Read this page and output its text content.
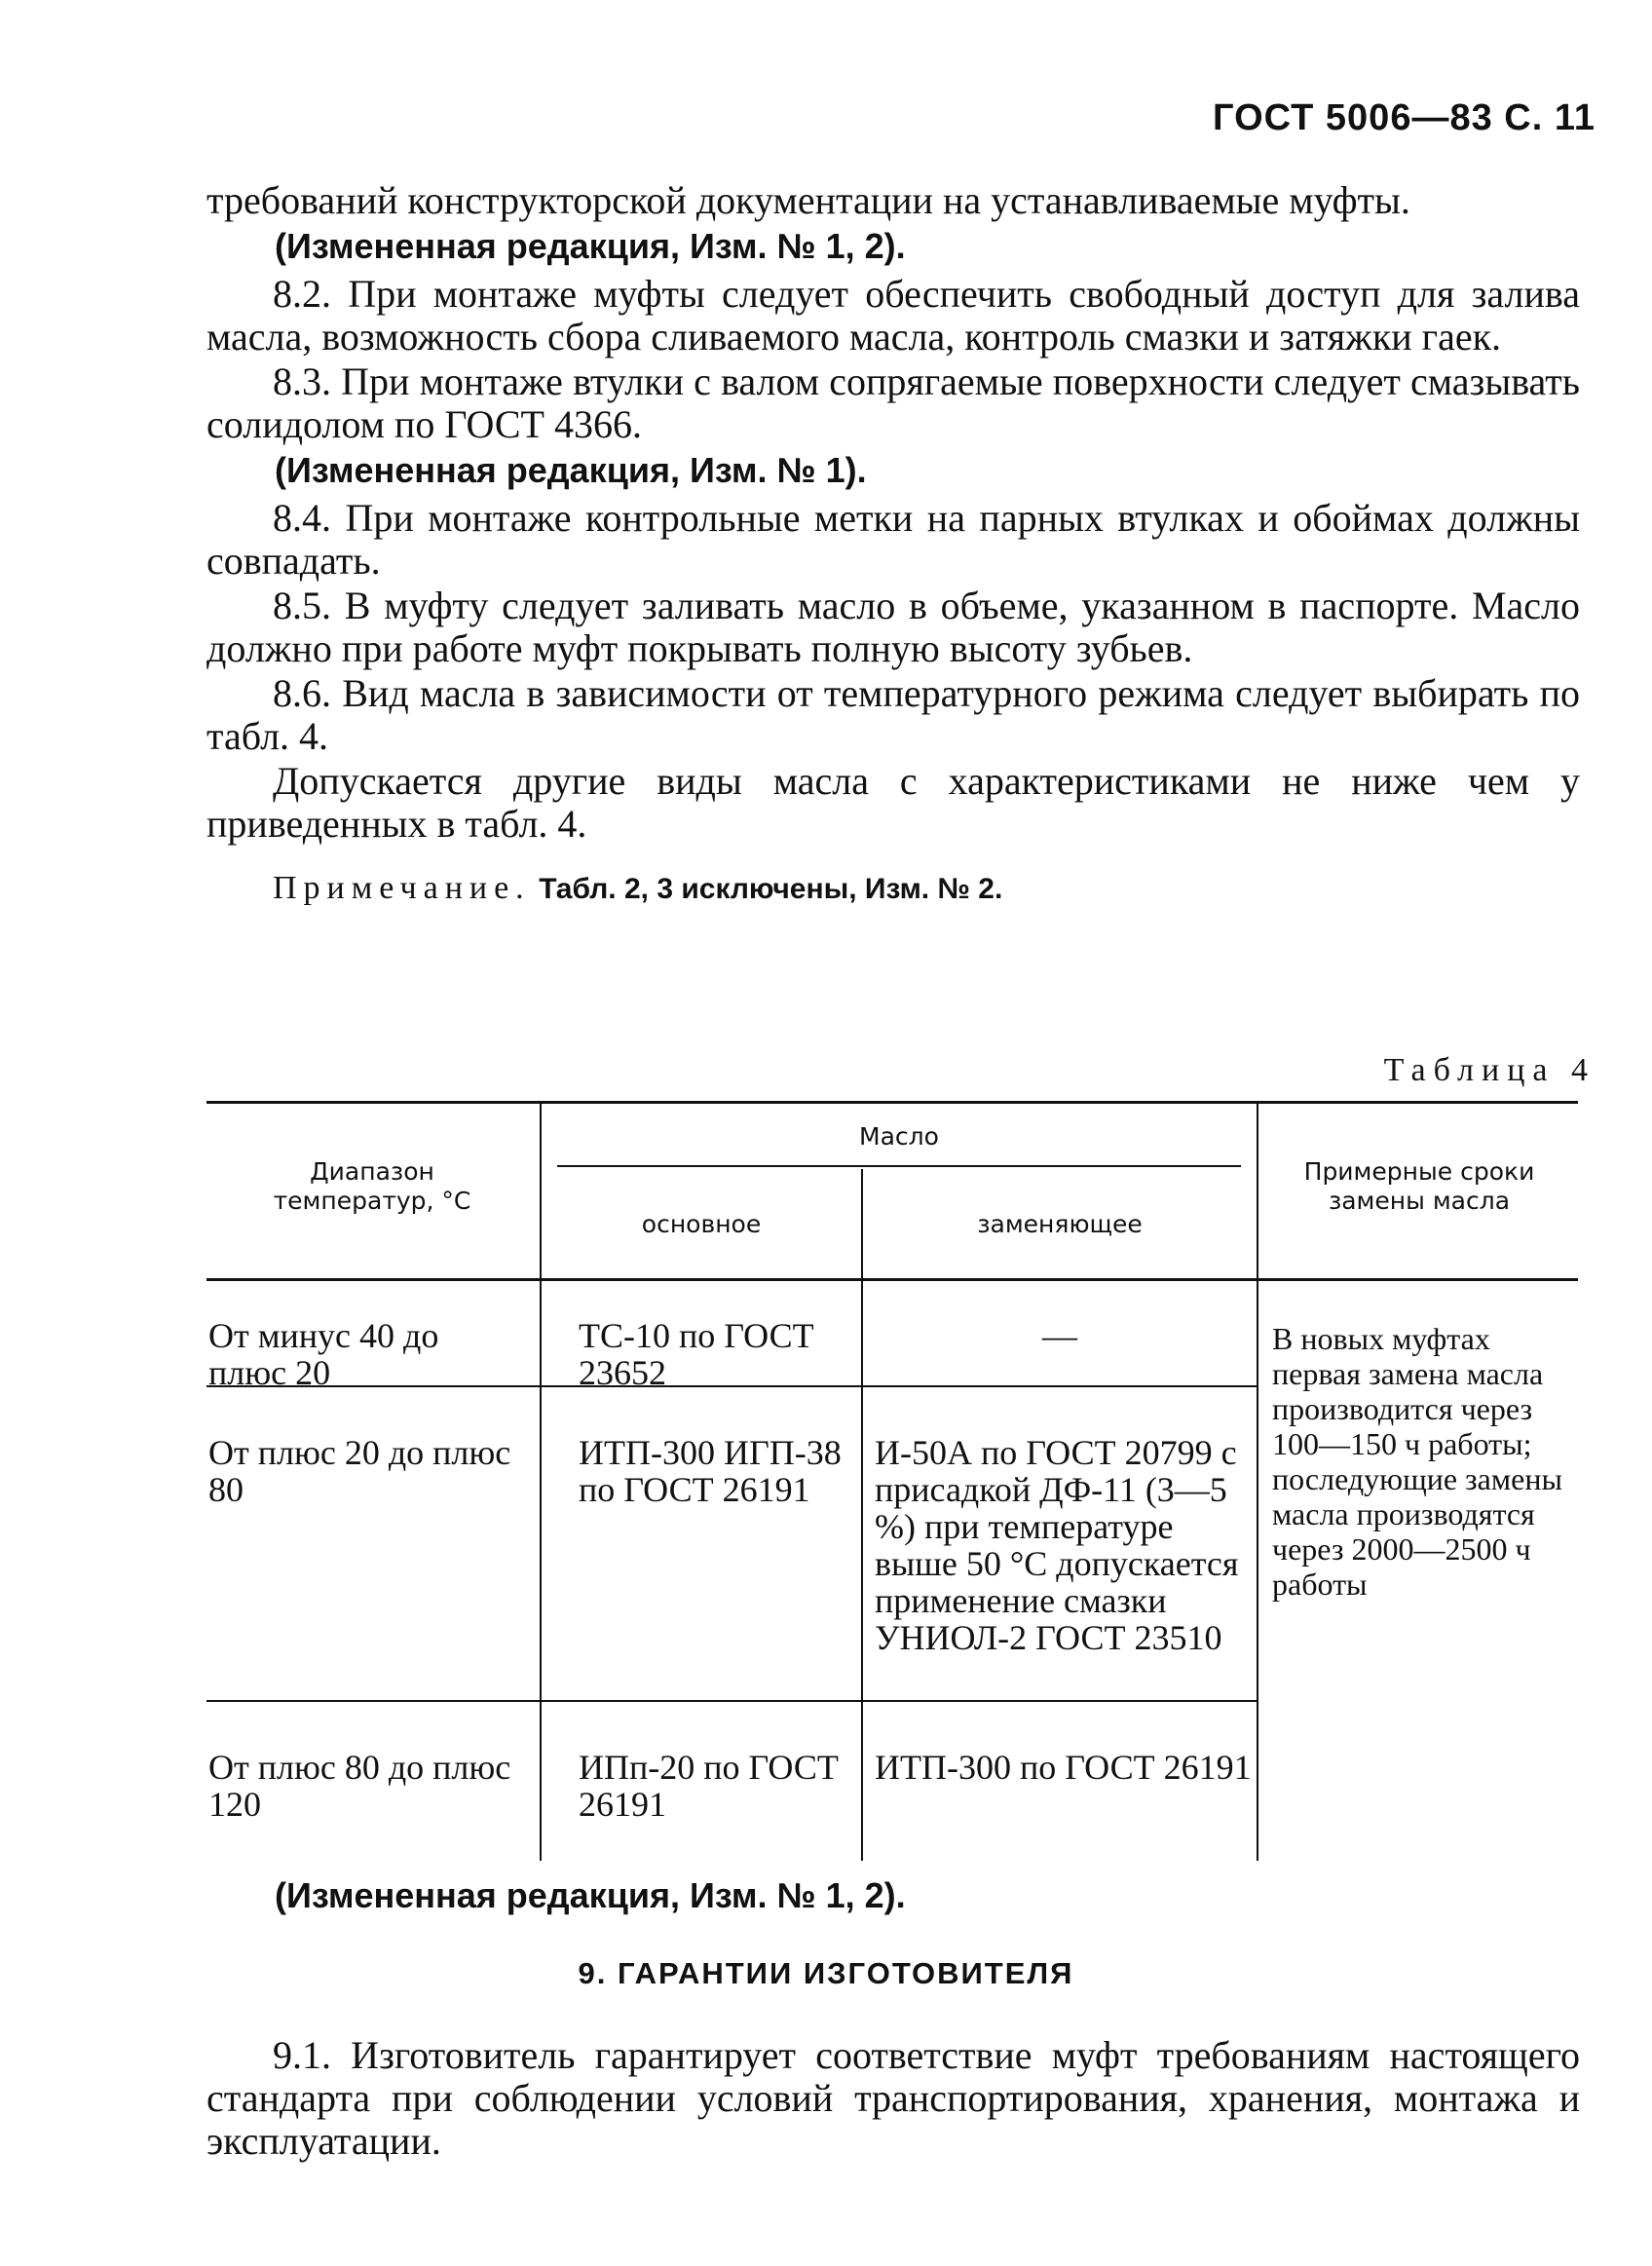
ГОСТ 5006—83 С. 11

требований конструкторской документации на устанавливаемые муфты.

(Измененная редакция, Изм. № 1, 2).

8.2. При монтаже муфты следует обеспечить свободный доступ для залива масла, возможность сбора сливаемого масла, контроль смазки и затяжки гаек.

8.3. При монтаже втулки с валом сопрягаемые поверхности следует смазывать солидолом по ГОСТ 4366.

(Измененная редакция, Изм. № 1).

8.4. При монтаже контрольные метки на парных втулках и обоймах должны совпадать.

8.5. В муфту следует заливать масло в объеме, указанном в паспорте. Масло должно при работе муфт покрывать полную высоту зубьев.

8.6. Вид масла в зависимости от температурного режима следует выбирать по табл. 4.

Допускается другие виды масла с характеристиками не ниже чем у приведенных в табл. 4.

Примечание. Табл. 2, 3 исключены, Изм. № 2.
Таблица 4
Диапазон температур, °С
Масло
основное	заменяющее
Примерные сроки замены масла
От минус 40 до плюс 20
ТС-10 по ГОСТ 23652
—
От плюс 20 до плюс 80
ИТП-300 ИГП-38 по ГОСТ 26191
И-50А по ГОСТ 20799 с присадкой ДФ-11 (3—5 %) при температуре выше 50 °С допускается применение смазки УНИОЛ-2 ГОСТ 23510
От плюс 80 до плюс 120
ИПп-20 по ГОСТ 26191
ИТП-300 по ГОСТ 26191
В новых муфтах первая замена масла производится через 100—150 ч работы; последующие замены масла производятся через 2000—2500 ч работы
(Измененная редакция, Изм. № 1, 2).
9. ГАРАНТИИ ИЗГОТОВИТЕЛЯ

9.1. Изготовитель гарантирует соответствие муфт требованиям настоящего стандарта при соблюдении условий транспортирования, хранения, монтажа и эксплуатации.
